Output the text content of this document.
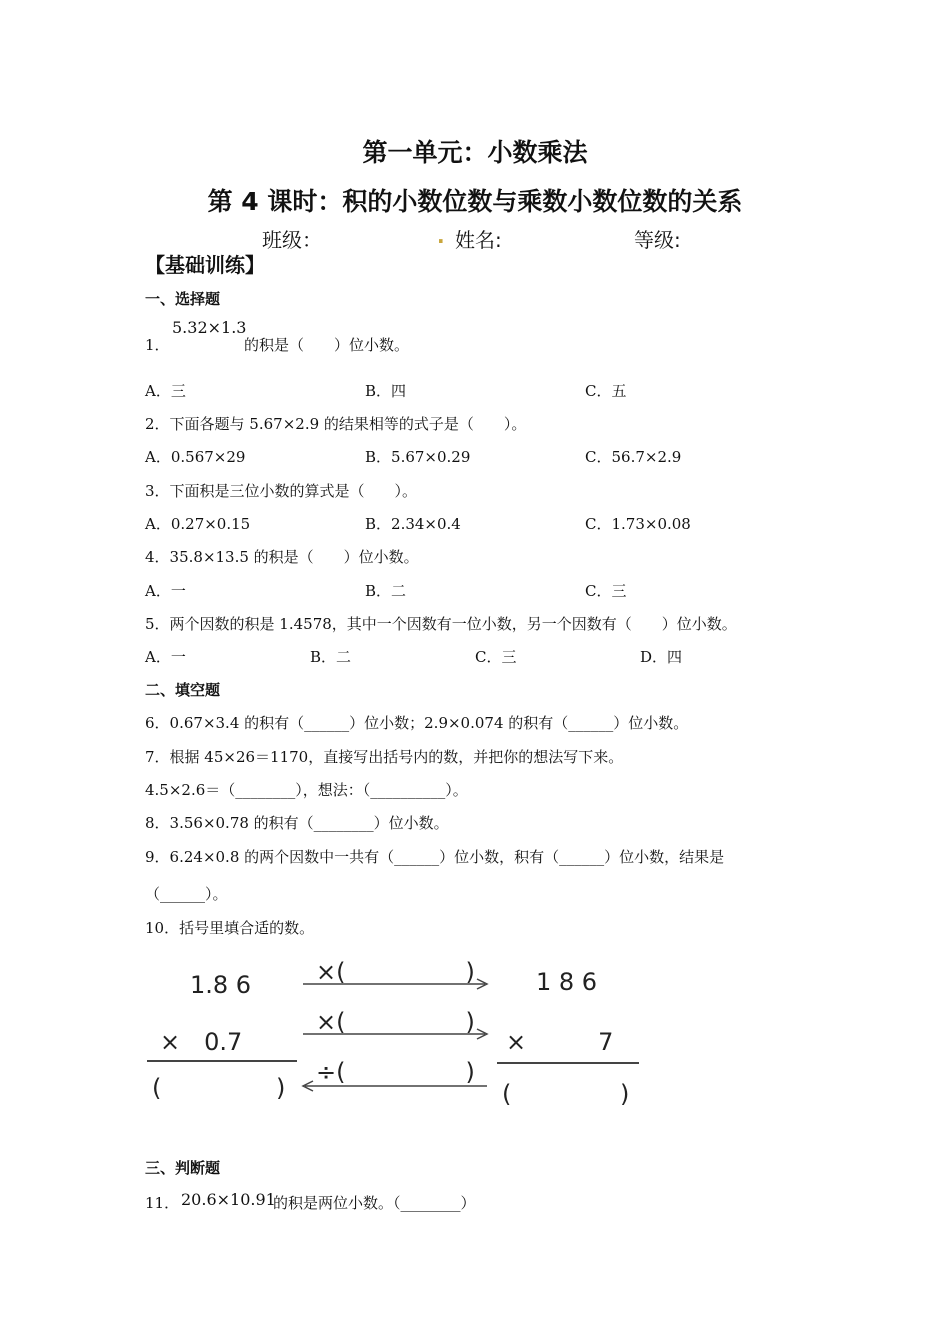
第一单元：小数乘法
第 4 课时：积的小数位数与乘数小数位数的关系
班级：	. 姓名:	等级:
【基础训练】
一、选择题
1．
5.32×1.3
的积是（　　）位小数。
A．三	B．四	C．五
2．下面各题与 5.67×2.9 的结果相等的式子是（　　）。
A．0.567×29	B．5.67×0.29	C．56.7×2.9
3．下面积是三位小数的算式是（　　）。
A．0.27×0.15	B．2.34×0.4	C．1.73×0.08
4．35.8×13.5 的积是（　　）位小数。
A．一	B．二	C．三
5．两个因数的积是 1.4578，其中一个因数有一位小数，另一个因数有（　　）位小数。
A．一	B．二	C．三	D．四
二、填空题
6．0.67×3.4 的积有（______）位小数；2.9×0.074 的积有（______）位小数。
7．根据 45×26＝1170，直接写出括号内的数，并把你的想法写下来。
4.5×2.6＝（________），想法：（__________）。
8．3.56×0.78 的积有（________）位小数。
9．6.24×0.8 的两个因数中一共有（______）位小数，积有（______）位小数，结果是
（______）。
10．括号里填合适的数。
1.8 6
×　0.7
(	)
×(　　　　　)
×(　　　　　)
÷(　　　　　)
1 8 6
×　　　7
(	)
三、判断题
11． 20.6×10.91
的积是两位小数。（________）
